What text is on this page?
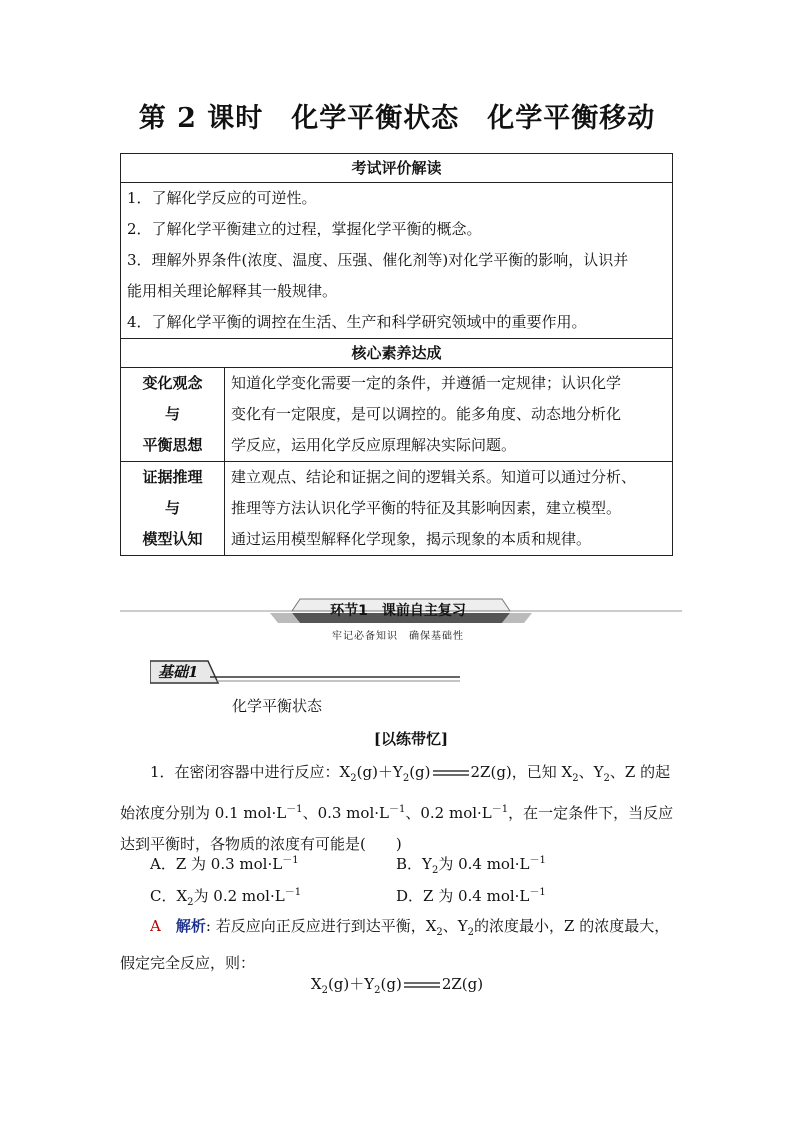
第 2 课时 化学平衡状态 化学平衡移动
考试评价解读	

1．了解化学反应的可逆性。
2．了解化学平衡建立的过程，掌握化学平衡的概念。
3．理解外界条件(浓度、温度、压强、催化剂等)对化学平衡的影响，认识并
能用相关理论解释其一般规律。
4．了解化学平衡的调控在生活、生产和科学研究领域中的重要作用。	

核心素养达成	

变化观念
与
平衡思想	知道化学变化需要一定的条件，并遵循一定规律；认识化学
变化有一定限度，是可以调控的。能多角度、动态地分析化
学反应，运用化学反应原理解决实际问题。

证据推理
与
模型认知	建立观点、结论和证据之间的逻辑关系。知道可以通过分析、
推理等方法认识化学平衡的特征及其影响因素，建立模型。
通过运用模型解释化学现象，揭示现象的本质和规律。
环节1　课前自主复习
牢记必备知识　确保基础性
基础1
化学平衡状态
[以练带忆]
1．在密闭容器中进行反应：$X_2(g)+Y_2(g)$	2Z(g)，已知 $X_2$、$Y_2$、Z 的起始浓度分别为 0.1 $mol\cdot L^{-1}$、0.3 $mol\cdot L^{-1}$、0.2 $mol\cdot L^{-1}$，在一定条件下，当反应达到平衡时，各物质的浓度有可能是(　　)
A．Z 为 0.3 $mol\cdot L^{-1}$	B．$Y_2$为 0.4 $mol\cdot L^{-1}$
C．$X_2$为 0.2 $mol\cdot L^{-1}$	D．Z 为 0.4 $mol\cdot L^{-1}$
A　 解析: 若反应向正反应进行到达平衡，$X_2$、$Y_2$的浓度最小，Z 的浓度最大，假定完全反应，则：
$X_2(g)+Y_2(g)$	2Z(g)
